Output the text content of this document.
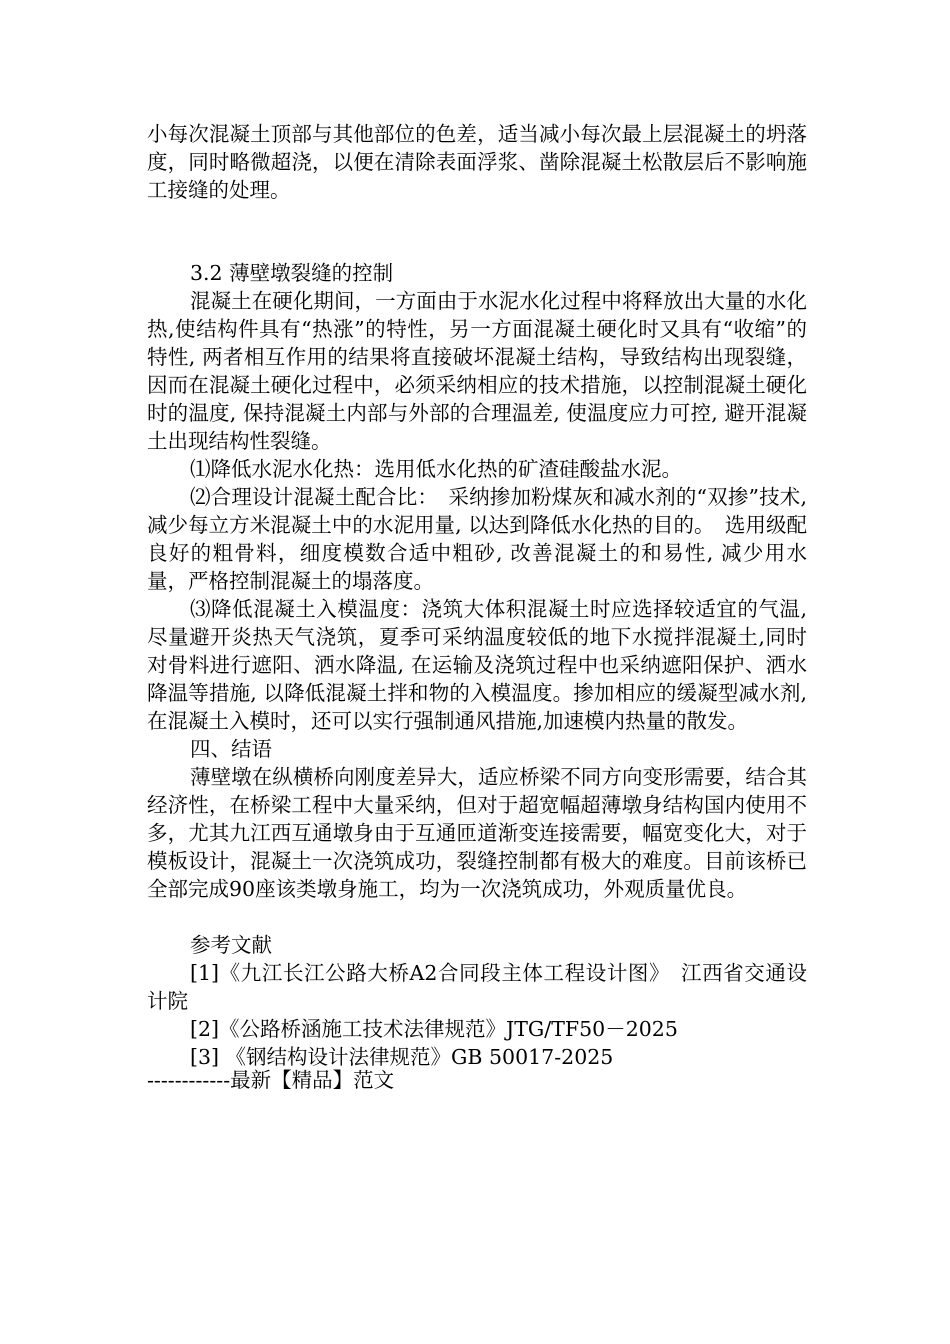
小每次混凝土顶部与其他部位的色差，适当减小每次最上层混凝土的坍落度，同时略微超浇，以便在清除表面浮浆、凿除混凝土松散层后不影响施工接缝的处理。

3.2 薄壁墩裂缝的控制

混凝土在硬化期间，一方面由于水泥水化过程中将释放出大量的水化热,使结构件具有“热涨”的特性，另一方面混凝土硬化时又具有“收缩”的特性, 两者相互作用的结果将直接破坏混凝土结构，导致结构出现裂缝，因而在混凝土硬化过程中，必须采纳相应的技术措施，以控制混凝土硬化时的温度, 保持混凝土内部与外部的合理温差, 使温度应力可控, 避开混凝土出现结构性裂缝。

⑴降低水泥水化热：选用低水化热的矿渣硅酸盐水泥。

⑵合理设计混凝土配合比：　采纳掺加粉煤灰和减水剂的“双掺”技术, 减少每立方米混凝土中的水泥用量, 以达到降低水化热的目的。　选用级配良好的粗骨料，细度模数合适中粗砂, 改善混凝土的和易性, 减少用水量，严格控制混凝土的塌落度。

⑶降低混凝土入模温度：浇筑大体积混凝土时应选择较适宜的气温, 尽量避开炎热天气浇筑，夏季可采纳温度较低的地下水搅拌混凝土,同时对骨料进行遮阳、洒水降温, 在运输及浇筑过程中也采纳遮阳保护、洒水降温等措施, 以降低混凝土拌和物的入模温度。掺加相应的缓凝型减水剂,　 在混凝土入模时，还可以实行强制通风措施,加速模内热量的散发。

四、结语

薄壁墩在纵横桥向刚度差异大，适应桥梁不同方向变形需要，结合其经济性，在桥梁工程中大量采纳，但对于超宽幅超薄墩身结构国内使用不多，尤其九江西互通墩身由于互通匝道渐变连接需要，幅宽变化大，对于模板设计，混凝土一次浇筑成功，裂缝控制都有极大的难度。目前该桥已全部完成90座该类墩身施工，均为一次浇筑成功，外观质量优良。

参考文献

[1]《九江长江公路大桥A2合同段主体工程设计图》　江西省交通设计院

[2]《公路桥涵施工技术法律规范》JTG/TF50－2025

[3] 《钢结构设计法律规范》GB 50017-2025

------------最新【精品】范文
